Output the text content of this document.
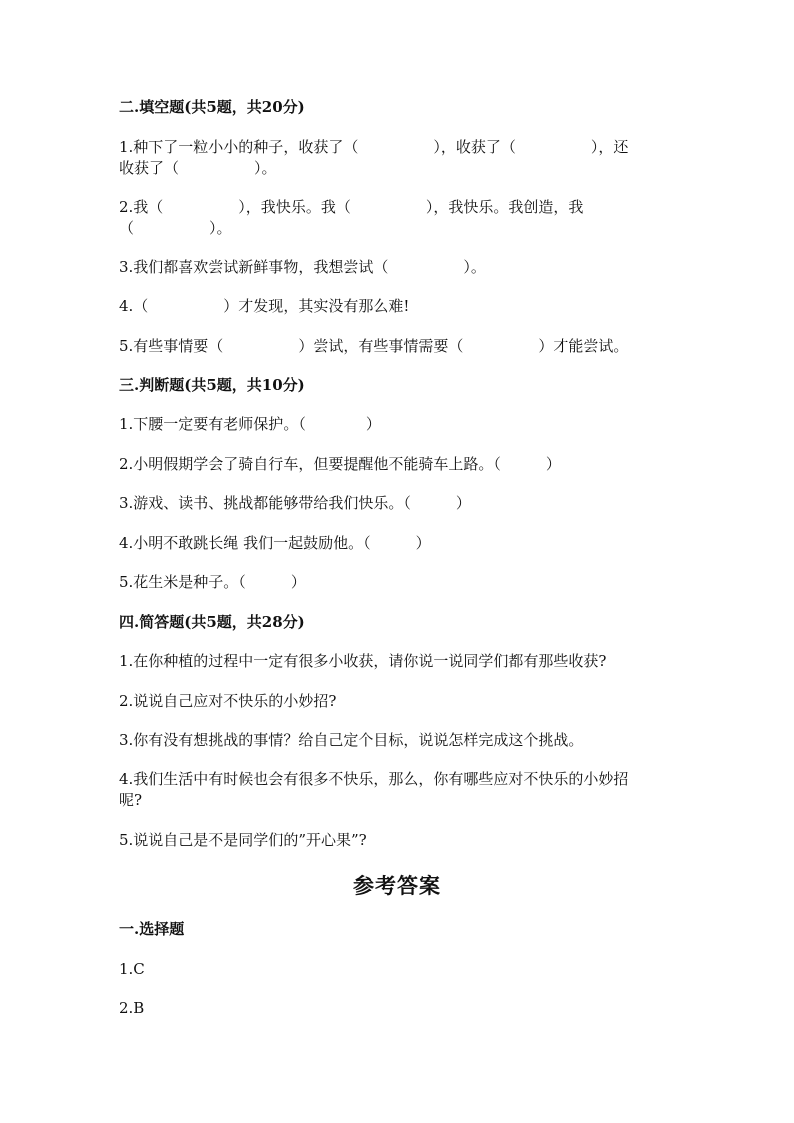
二.填空题(共5题，共20分)
1.种下了一粒小小的种子，收获了（　　　　　），收获了（　　　　　），还
收获了（　　　　　）。
2.我（　　　　　），我快乐。我（　　　　　），我快乐。我创造，我
（　　　　　）。
3.我们都喜欢尝试新鲜事物，我想尝试（　　　　　）。
4.（　　　　　）才发现，其实没有那么难!
5.有些事情要（　　　　　）尝试，有些事情需要（　　　　　）才能尝试。
三.判断题(共5题，共10分)
1.下腰一定要有老师保护。（　　　　）
2.小明假期学会了骑自行车，但要提醒他不能骑车上路。（　　　）
3.游戏、读书、挑战都能够带给我们快乐。（　　　）
4.小明不敢跳长绳 我们一起鼓励他。（　　　）
5.花生米是种子。（　　　）
四.简答题(共5题，共28分)
1.在你种植的过程中一定有很多小收获，请你说一说同学们都有那些收获?
2.说说自己应对不快乐的小妙招?
3.你有没有想挑战的事情？给自己定个目标，说说怎样完成这个挑战。
4.我们生活中有时候也会有很多不快乐，那么，你有哪些应对不快乐的小妙招
呢?
5.说说自己是不是同学们的”开心果”?
参考答案
一.选择题
1.C
2.B
